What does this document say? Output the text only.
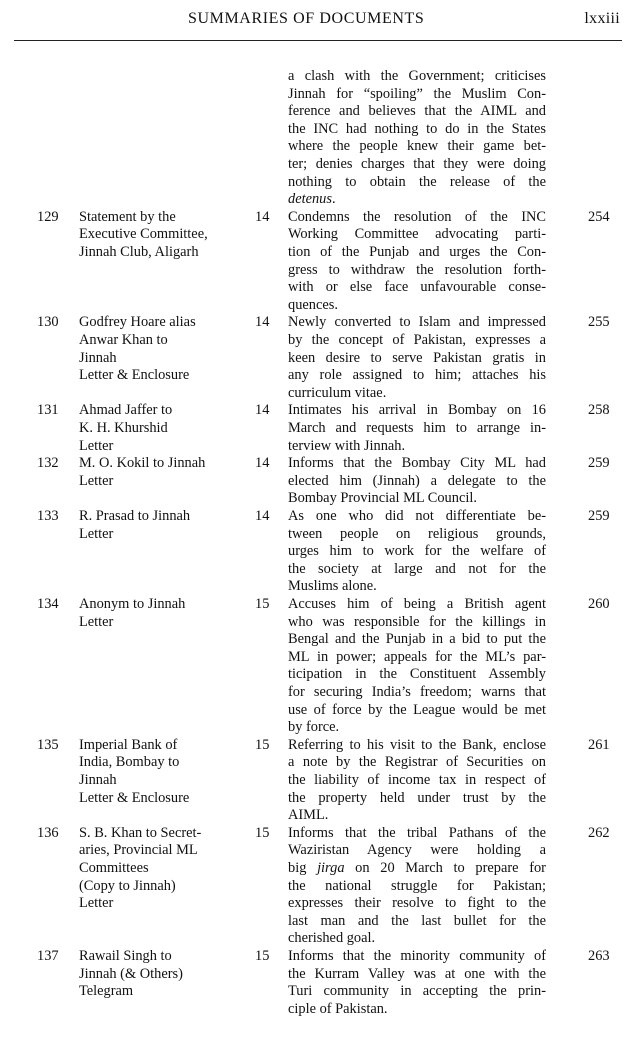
SUMMARIES OF DOCUMENTS	lxxiii
a clash with the Government; criticises
Jinnah for “spoiling” the Muslim Con-
ference and believes that the AIML and
the INC had nothing to do in the States
where the people knew their game bet-
ter; denies charges that they were doing
nothing to obtain the release of the
detenus.
129 Statement by the
Executive Committee,
Jinnah Club, Aligarh
14 Condemns the resolution of the INC
Working Committee advocating parti-
tion of the Punjab and urges the Con-
gress to withdraw the resolution forth-
with or else face unfavourable conse-
quences.
254
130 Godfrey Hoare alias
Anwar Khan to
Jinnah
Letter & Enclosure
14 Newly converted to Islam and impressed
by the concept of Pakistan, expresses a
keen desire to serve Pakistan gratis in
any role assigned to him; attaches his
curriculum vitae.
255
131 Ahmad Jaffer to
K. H. Khurshid
Letter
14 Intimates his arrival in Bombay on 16
March and requests him to arrange in-
terview with Jinnah.
258
132 M. O. Kokil to Jinnah
Letter
14 Informs that the Bombay City ML had
elected him (Jinnah) a delegate to the
Bombay Provincial ML Council.
259
133 R. Prasad to Jinnah
Letter
14 As one who did not differentiate be-
tween people on religious grounds,
urges him to work for the welfare of
the society at large and not for the
Muslims alone.
259
134 Anonym to Jinnah
Letter
15 Accuses him of being a British agent
who was responsible for the killings in
Bengal and the Punjab in a bid to put the
ML in power; appeals for the ML’s par-
ticipation in the Constituent Assembly
for securing India’s freedom; warns that
use of force by the League would be met
by force.
260
135 Imperial Bank of
India, Bombay to
Jinnah
Letter & Enclosure
15 Referring to his visit to the Bank, enclose
a note by the Registrar of Securities on
the liability of income tax in respect of
the property held under trust by the
AIML.
261
136 S. B. Khan to Secret-
aries, Provincial ML
Committees
(Copy to Jinnah)
Letter
15 Informs that the tribal Pathans of the
Waziristan Agency were holding a
big jirga on 20 March to prepare for
the national struggle for Pakistan;
expresses their resolve to fight to the
last man and the last bullet for the
cherished goal.
262
137 Rawail Singh to
Jinnah (& Others)
Telegram
15 Informs that the minority community of
the Kurram Valley was at one with the
Turi community in accepting the prin-
ciple of Pakistan.
263
